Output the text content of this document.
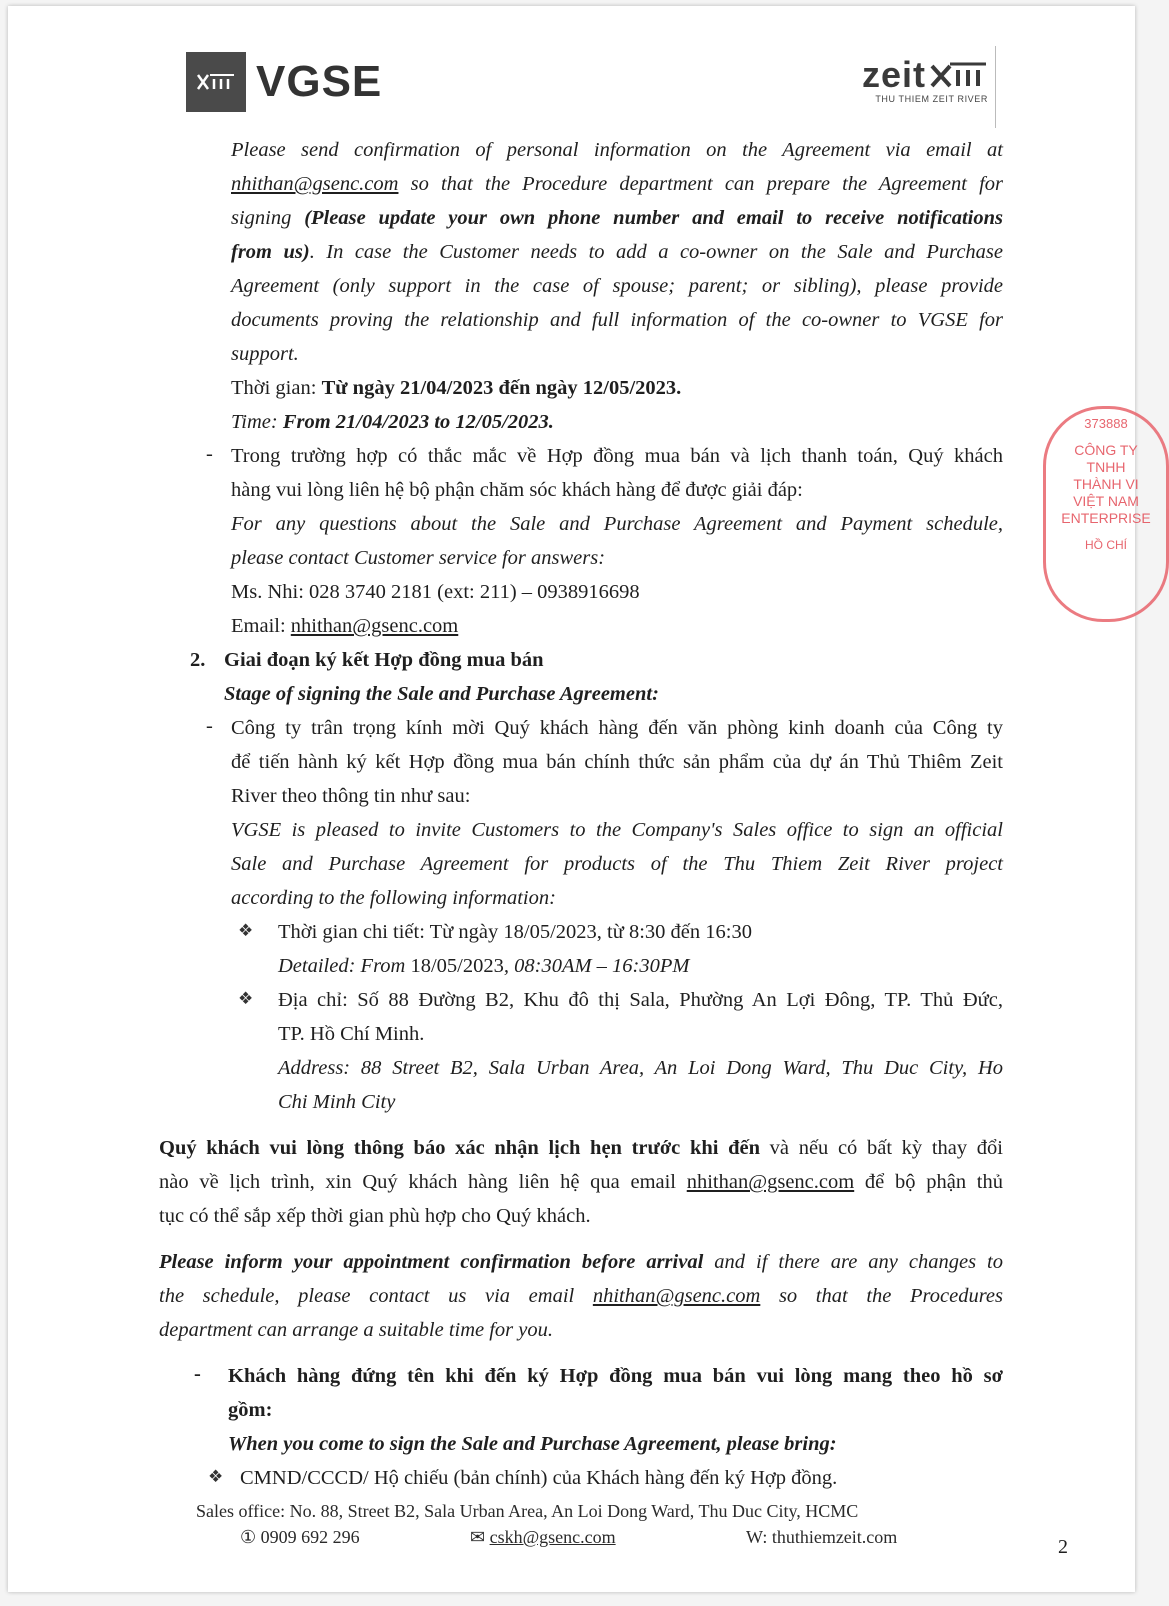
VGSE	zeit
THU THIEM ZEIT RIVER
Please send confirmation of personal information on the Agreement via email at
nhithan@gsenc.com so that the Procedure department can prepare the Agreement for
signing (Please update your own phone number and email to receive notifications
from us). In case the Customer needs to add a co-owner on the Sale and Purchase
Agreement (only support in the case of spouse; parent; or sibling), please provide
documents proving the relationship and full information of the co-owner to VGSE for
support.
Thời gian: Từ ngày 21/04/2023 đến ngày 12/05/2023.
Time: From 21/04/2023 to 12/05/2023.
- Trong trường hợp có thắc mắc về Hợp đồng mua bán và lịch thanh toán, Quý khách
hàng vui lòng liên hệ bộ phận chăm sóc khách hàng để được giải đáp:
For any questions about the Sale and Purchase Agreement and Payment schedule,
please contact Customer service for answers:
Ms. Nhi: 028 3740 2181 (ext: 211) – 0938916698
Email: nhithan@gsenc.com
2. Giai đoạn ký kết Hợp đồng mua bán
Stage of signing the Sale and Purchase Agreement:
- Công ty trân trọng kính mời Quý khách hàng đến văn phòng kinh doanh của Công ty
để tiến hành ký kết Hợp đồng mua bán chính thức sản phẩm của dự án Thủ Thiêm Zeit
River theo thông tin như sau:
VGSE is pleased to invite Customers to the Company's Sales office to sign an official
Sale and Purchase Agreement for products of the Thu Thiem Zeit River project
according to the following information:
❖ Thời gian chi tiết: Từ ngày 18/05/2023, từ 8:30 đến 16:30
Detailed: From 18/05/2023, 08:30AM – 16:30PM
❖ Địa chỉ: Số 88 Đường B2, Khu đô thị Sala, Phường An Lợi Đông, TP. Thủ Đức,
TP. Hồ Chí Minh.
Address: 88 Street B2, Sala Urban Area, An Loi Dong Ward, Thu Duc City, Ho
Chi Minh City
Quý khách vui lòng thông báo xác nhận lịch hẹn trước khi đến và nếu có bất kỳ thay đổi
nào về lịch trình, xin Quý khách hàng liên hệ qua email nhithan@gsenc.com để bộ phận thủ
tục có thể sắp xếp thời gian phù hợp cho Quý khách.
Please inform your appointment confirmation before arrival and if there are any changes to
the schedule, please contact us via email nhithan@gsenc.com so that the Procedures
department can arrange a suitable time for you.
- Khách hàng đứng tên khi đến ký Hợp đồng mua bán vui lòng mang theo hồ sơ
gồm:
When you come to sign the Sale and Purchase Agreement, please bring:
❖ CMND/CCCD/ Hộ chiếu (bản chính) của Khách hàng đến ký Hợp đồng.
373888
CÔNG TY
TNHH
THÀNH VI
VIỆT NAM
ENTERPRISE
HỒ CHÍ
Sales office: No. 88, Street B2, Sala Urban Area, An Loi Dong Ward, Thu Duc City, HCMC
① 0909 692 296	✉ cskh@gsenc.com	W: thuthiemzeit.com	2
